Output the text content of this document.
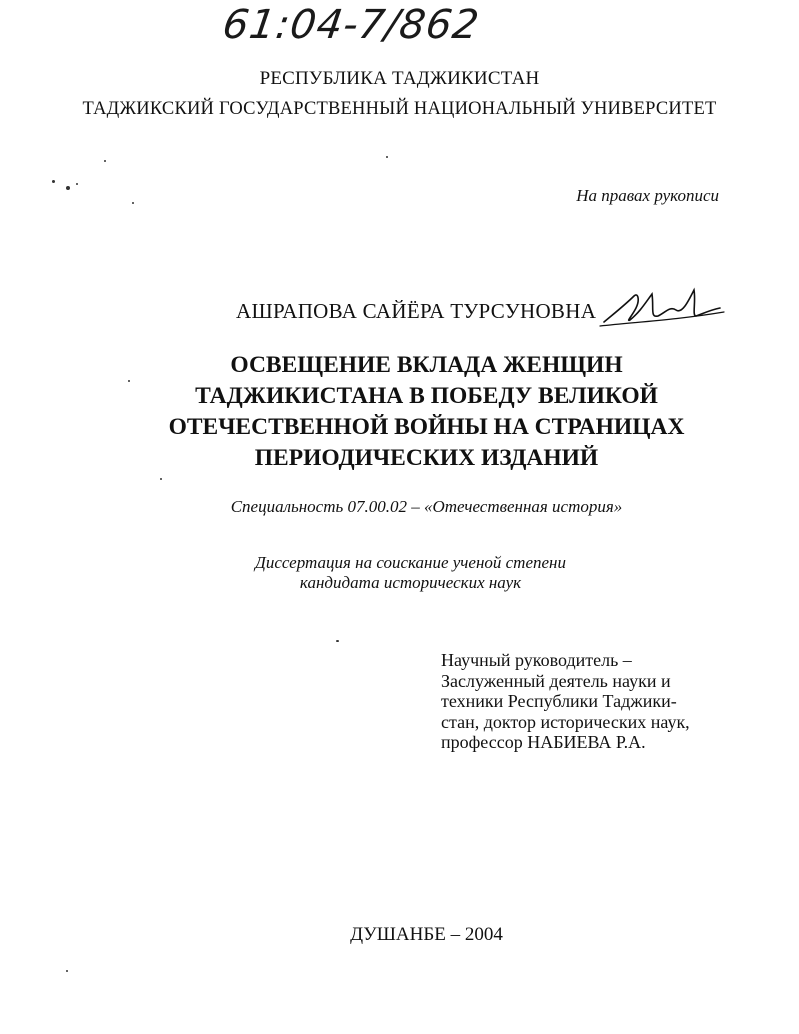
61:04-7/862
РЕСПУБЛИКА ТАДЖИКИСТАН
ТАДЖИКСКИЙ ГОСУДАРСТВЕННЫЙ НАЦИОНАЛЬНЫЙ УНИВЕРСИТЕТ
На правах рукописи
АШРАПОВА САЙЁРА ТУРСУНОВНА
ОСВЕЩЕНИЕ ВКЛАДА ЖЕНЩИН
ТАДЖИКИСТАНА В ПОБЕДУ ВЕЛИКОЙ
ОТЕЧЕСТВЕННОЙ ВОЙНЫ НА СТРАНИЦАХ
ПЕРИОДИЧЕСКИХ ИЗДАНИЙ
Специальность 07.00.02 – «Отечественная история»
Диссертация на соискание ученой степени
кандидата исторических наук
Научный руководитель –
Заслуженный деятель науки и
техники Республики Таджики-
стан, доктор исторических наук,
профессор НАБИЕВА Р.А.
ДУШАНБЕ – 2004
